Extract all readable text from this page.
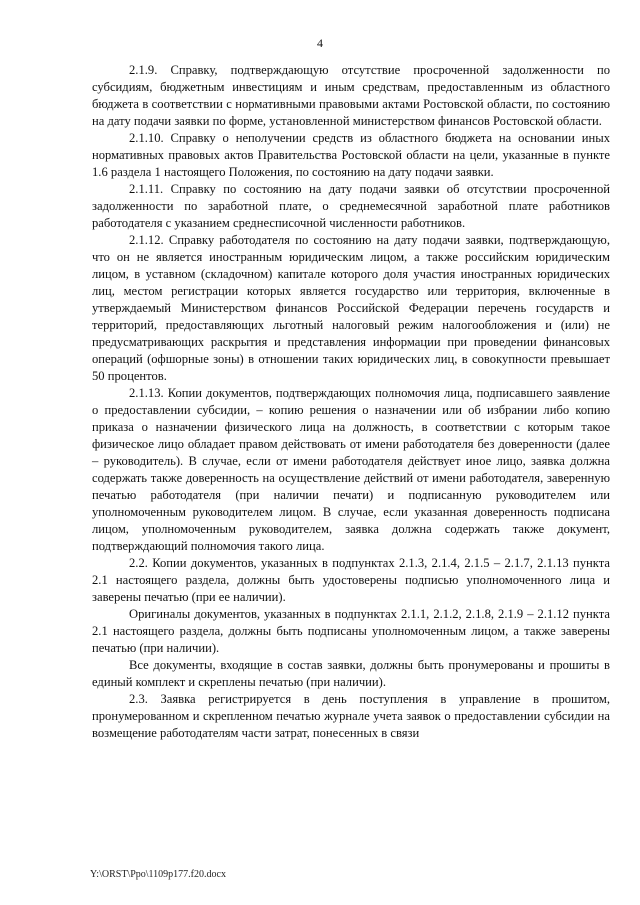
4

2.1.9. Справку, подтверждающую отсутствие просроченной задолженности по субсидиям, бюджетным инвестициям и иным средствам, предоставленным из областного бюджета в соответствии с нормативными правовыми актами Ростовской области, по состоянию на дату подачи заявки по форме, установленной министерством финансов Ростовской области.

2.1.10. Справку о неполучении средств из областного бюджета на основании иных нормативных правовых актов Правительства Ростовской области на цели, указанные в пункте 1.6 раздела 1 настоящего Положения, по состоянию на дату подачи заявки.

2.1.11. Справку по состоянию на дату подачи заявки об отсутствии просроченной задолженности по заработной плате, о среднемесячной заработной плате работников работодателя с указанием среднесписочной численности работников.

2.1.12. Справку работодателя по состоянию на дату подачи заявки, подтверждающую, что он не является иностранным юридическим лицом, а также российским юридическим лицом, в уставном (складочном) капитале которого доля участия иностранных юридических лиц, местом регистрации которых является государство или территория, включенные в утверждаемый Министерством финансов Российской Федерации перечень государств и территорий, предоставляющих льготный налоговый режим налогообложения и (или) не предусматривающих раскрытия и представления информации при проведении финансовых операций (офшорные зоны) в отношении таких юридических лиц, в совокупности превышает 50 процентов.

2.1.13. Копии документов, подтверждающих полномочия лица, подписавшего заявление о предоставлении субсидии, – копию решения о назначении или об избрании либо копию приказа о назначении физического лица на должность, в соответствии с которым такое физическое лицо обладает правом действовать от имени работодателя без доверенности (далее – руководитель). В случае, если от имени работодателя действует иное лицо, заявка должна содержать также доверенность на осуществление действий от имени работодателя, заверенную печатью работодателя (при наличии печати) и подписанную руководителем или уполномоченным руководителем лицом. В случае, если указанная доверенность подписана лицом, уполномоченным руководителем, заявка должна содержать также документ, подтверждающий полномочия такого лица.

2.2. Копии документов, указанных в подпунктах 2.1.3, 2.1.4, 2.1.5 – 2.1.7, 2.1.13 пункта 2.1 настоящего раздела, должны быть удостоверены подписью уполномоченного лица и заверены печатью (при ее наличии).

Оригиналы документов, указанных в подпунктах 2.1.1, 2.1.2, 2.1.8, 2.1.9 – 2.1.12 пункта 2.1 настоящего раздела, должны быть подписаны уполномоченным лицом, а также заверены печатью (при наличии).

Все документы, входящие в состав заявки, должны быть пронумерованы и прошиты в единый комплект и скреплены печатью (при наличии).

2.3. Заявка регистрируется в день поступления в управление в прошитом, пронумерованном и скрепленном печатью журнале учета заявок о предоставлении субсидии на возмещение работодателям части затрат, понесенных в связи

Y:\ORST\Ppo\1109p177.f20.docx
